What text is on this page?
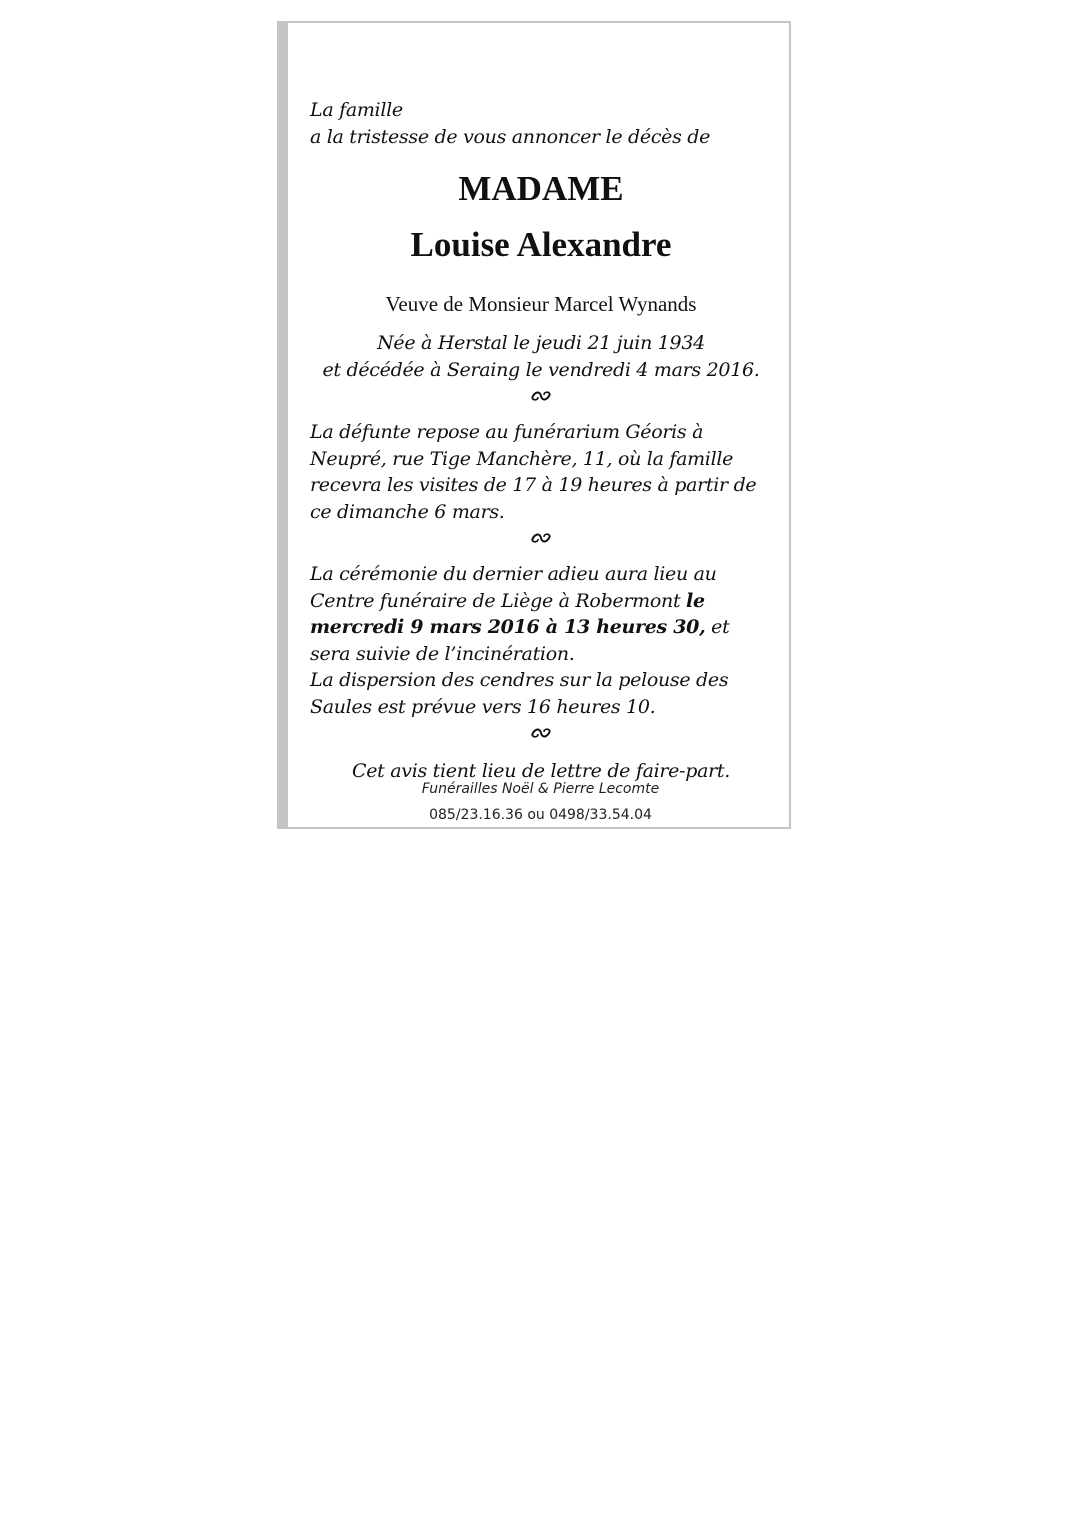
La famille

a la tristesse de vous annoncer le décès de

MADAME
Louise Alexandre

Veuve de Monsieur Marcel Wynands

Née à Herstal le jeudi 21 juin 1934

et décédée à Seraing le vendredi 4 mars 2016.

La défunte repose au funérarium Géoris à Neupré, rue Tige Manchère, 11, où la famille recevra les visites de 17 à 19 heures à partir de ce dimanche 6 mars.

La cérémonie du dernier adieu aura lieu au Centre funéraire de Liège à Robermont le mercredi 9 mars 2016 à 13 heures 30, et sera suivie de l’incinération.

La dispersion des cendres sur la pelouse des Saules est prévue vers 16 heures 10.

Cet avis tient lieu de lettre de faire-part.

Funérailles Noël & Pierre Lecomte

085/23.16.36 ou 0498/33.54.04
